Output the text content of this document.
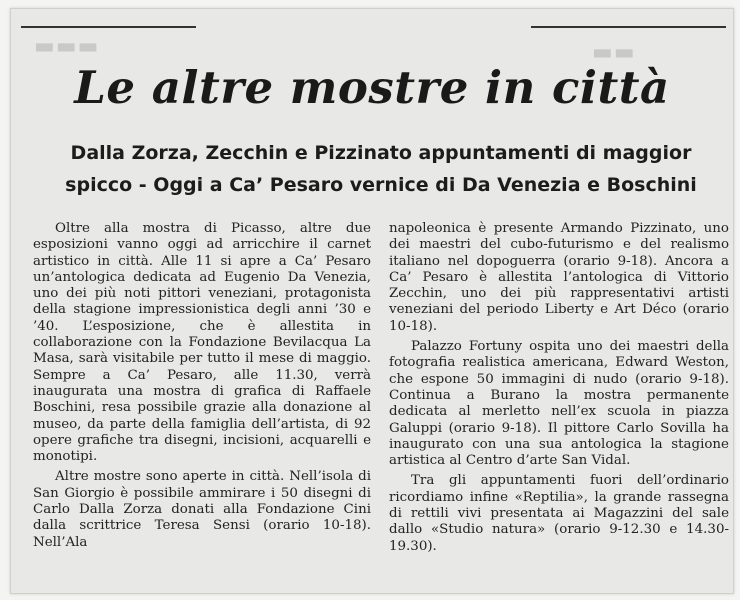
▬▬▬	▬▬
Le altre mostre in città
Dalla Zorza, Zecchin e Pizzinato appuntamenti di maggior spicco - Oggi a Ca’ Pesaro vernice di Da Venezia e Boschini

Oltre alla mostra di Picasso, altre due esposizioni vanno oggi ad arricchire il carnet artistico in città. Alle 11 si apre a Ca’ Pesaro un’antologica dedicata ad Eugenio Da Venezia, uno dei più noti pittori veneziani, protagonista della stagione impressionistica degli anni ’30 e ’40. L’esposizione, che è allestita in collaborazione con la Fondazione Bevilacqua La Masa, sarà visitabile per tutto il mese di maggio. Sempre a Ca’ Pesaro, alle 11.30, verrà inaugurata una mostra di grafica di Raffaele Boschini, resa possibile grazie alla donazione al museo, da parte della famiglia dell’artista, di 92 opere grafiche tra disegni, incisioni, acquarelli e monotipi.

Altre mostre sono aperte in città. Nell’isola di San Giorgio è possibile ammirare i 50 disegni di Carlo Dalla Zorza donati alla Fondazione Cini dalla scrittrice Teresa Sensi (orario 10-18). Nell’Ala

napoleonica è presente Armando Pizzinato, uno dei maestri del cubo-futurismo e del realismo italiano nel dopoguerra (orario 9-18). Ancora a Ca’ Pesaro è allestita l’antologica di Vittorio Zecchin, uno dei più rappresentativi artisti veneziani del periodo Liberty e Art Déco (orario 10-18).

Palazzo Fortuny ospita uno dei maestri della fotografia realistica americana, Edward Weston, che espone 50 immagini di nudo (orario 9-18). Continua a Burano la mostra permanente dedicata al merletto nell’ex scuola in piazza Galuppi (orario 9-18). Il pittore Carlo Sovilla ha inaugurato con una sua antologica la stagione artistica al Centro d’arte San Vidal.

Tra gli appuntamenti fuori dell’ordinario ricordiamo infine «Reptilia», la grande rassegna di rettili vivi presentata ai Magazzini del sale dallo «Studio natura» (orario 9-12.30 e 14.30-19.30).
